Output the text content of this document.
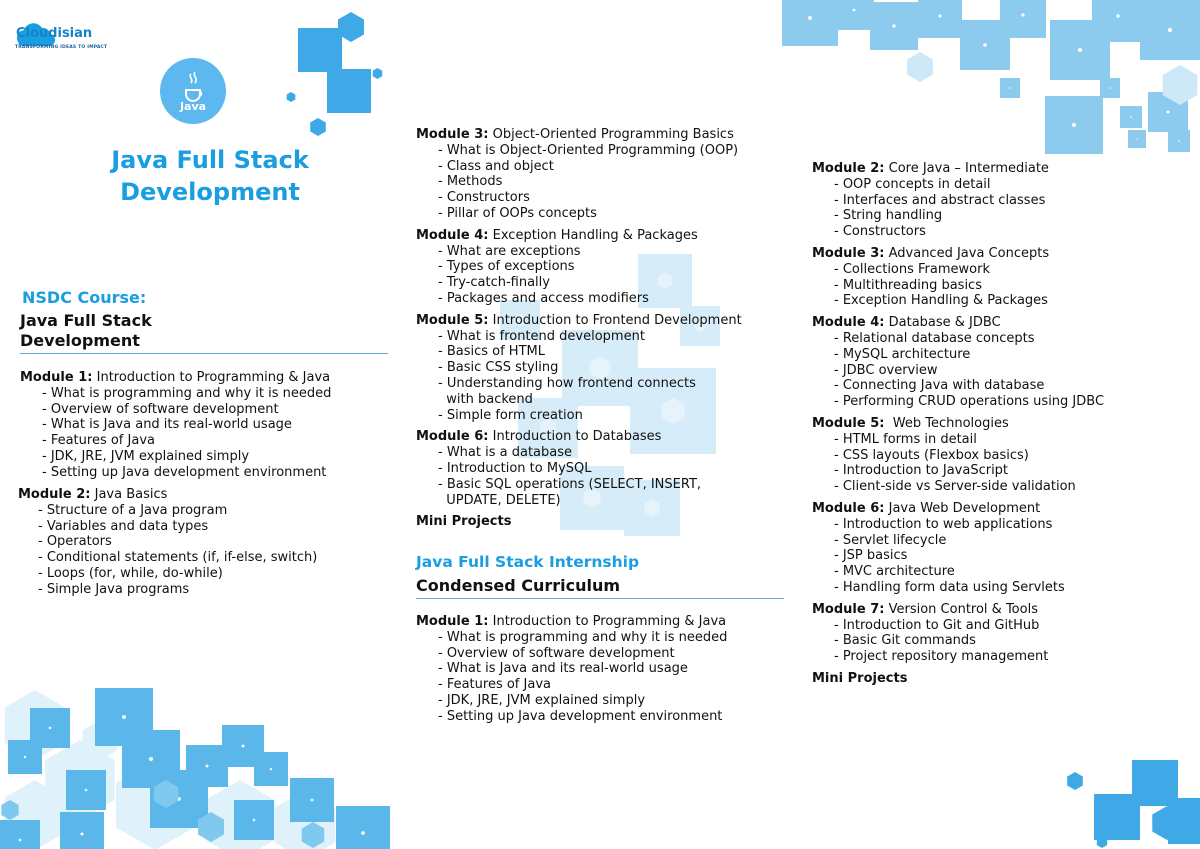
Cloudisian
TRANSFORMING IDEAS TO IMPACT
Java
Java Full Stack
Development
NSDC Course:
Java Full Stack
Development
Module 1: Introduction to Programming & Java
- What is programming and why it is needed
- Overview of software development
- What is Java and its real-world usage
- Features of Java
- JDK, JRE, JVM explained simply
- Setting up Java development environment
Module 2: Java Basics
- Structure of a Java program
- Variables and data types
- Operators
- Conditional statements (if, if-else, switch)
- Loops (for, while, do-while)
- Simple Java programs
Module 3: Object-Oriented Programming Basics
- What is Object-Oriented Programming (OOP)
- Class and object
- Methods
- Constructors
- Pillar of OOPs concepts
Module 4: Exception Handling & Packages
- What are exceptions
- Types of exceptions
- Try-catch-finally
- Packages and access modifiers
Module 5: Introduction to Frontend Development
- What is frontend development
- Basics of HTML
- Basic CSS styling
- Understanding how frontend connects
with backend
- Simple form creation
Module 6: Introduction to Databases
- What is a database
- Introduction to MySQL
- Basic SQL operations (SELECT, INSERT,
UPDATE, DELETE)
Mini Projects
Java Full Stack Internship
Condensed Curriculum
Module 1: Introduction to Programming & Java
- What is programming and why it is needed
- Overview of software development
- What is Java and its real-world usage
- Features of Java
- JDK, JRE, JVM explained simply
- Setting up Java development environment
Module 2: Core Java – Intermediate
- OOP concepts in detail
- Interfaces and abstract classes
- String handling
- Constructors
Module 3: Advanced Java Concepts
- Collections Framework
- Multithreading basics
- Exception Handling & Packages
Module 4: Database & JDBC
- Relational database concepts
- MySQL architecture
- JDBC overview
- Connecting Java with database
- Performing CRUD operations using JDBC
Module 5:  Web Technologies
- HTML forms in detail
- CSS layouts (Flexbox basics)
- Introduction to JavaScript
- Client-side vs Server-side validation
Module 6: Java Web Development
- Introduction to web applications
- Servlet lifecycle
- JSP basics
- MVC architecture
- Handling form data using Servlets
Module 7: Version Control & Tools
- Introduction to Git and GitHub
- Basic Git commands
- Project repository management
Mini Projects
